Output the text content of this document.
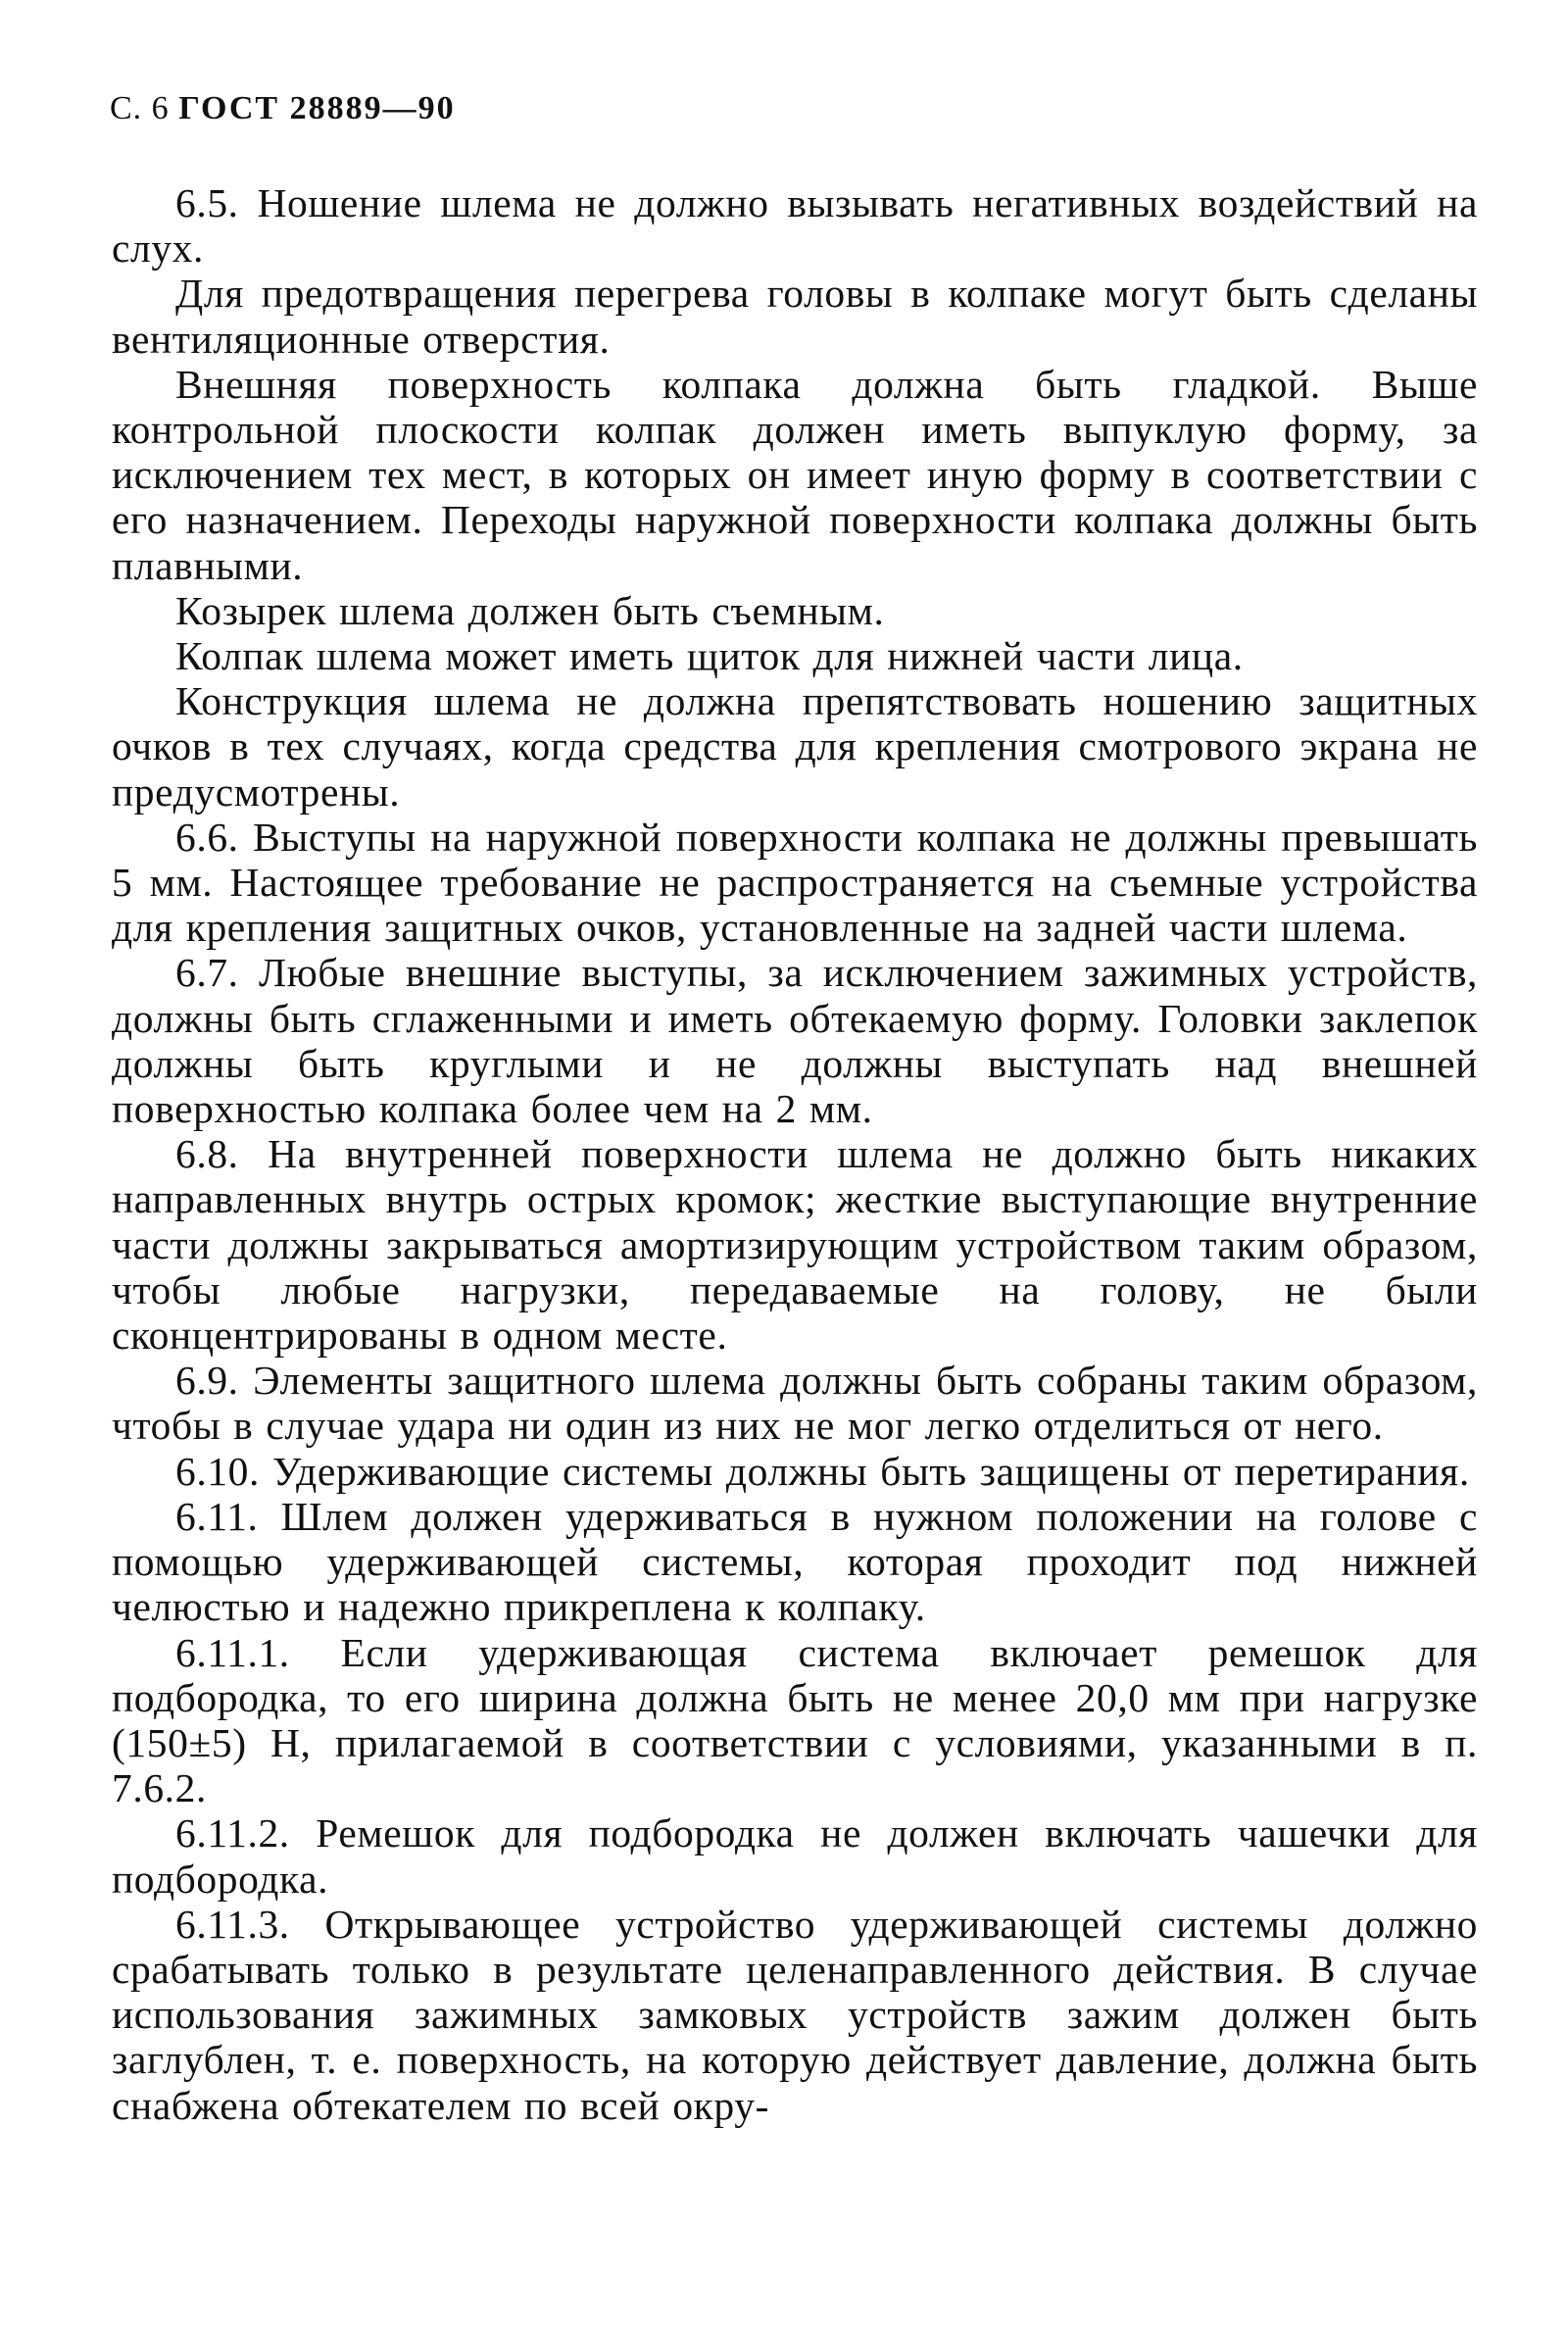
С. 6 ГОСТ 28889—90

6.5. Ношение шлема не должно вызывать негативных воздействий на слух.

Для предотвращения перегрева головы в колпаке могут быть сделаны вентиляционные отверстия.

Внешняя поверхность колпака должна быть гладкой. Выше контрольной плоскости колпак должен иметь выпуклую форму, за исключением тех мест, в которых он имеет иную форму в соответствии с его назначением. Переходы наружной поверхности колпака должны быть плавными.

Козырек шлема должен быть съемным.

Колпак шлема может иметь щиток для нижней части лица.

Конструкция шлема не должна препятствовать ношению защитных очков в тех случаях, когда средства для крепления смотрового экрана не предусмотрены.

6.6. Выступы на наружной поверхности колпака не должны превышать 5 мм. Настоящее требование не распространяется на съемные устройства для крепления защитных очков, установленные на задней части шлема.

6.7. Любые внешние выступы, за исключением зажимных устройств, должны быть сглаженными и иметь обтекаемую форму. Головки заклепок должны быть круглыми и не должны выступать над внешней поверхностью колпака более чем на 2 мм.

6.8. На внутренней поверхности шлема не должно быть никаких направленных внутрь острых кромок; жесткие выступающие внутренние части должны закрываться амортизирующим устройством таким образом, чтобы любые нагрузки, передаваемые на голову, не были сконцентрированы в одном месте.

6.9. Элементы защитного шлема должны быть собраны таким образом, чтобы в случае удара ни один из них не мог легко отделиться от него.

6.10. Удерживающие системы должны быть защищены от перетирания.

6.11. Шлем должен удерживаться в нужном положении на голове с помощью удерживающей системы, которая проходит под нижней челюстью и надежно прикреплена к колпаку.

6.11.1. Если удерживающая система включает ремешок для подбородка, то его ширина должна быть не менее 20,0 мм при нагрузке (150±5) Н, прилагаемой в соответствии с условиями, указанными в п. 7.6.2.

6.11.2. Ремешок для подбородка не должен включать чашечки для подбородка.

6.11.3. Открывающее устройство удерживающей системы должно срабатывать только в результате целенаправленного действия. В случае использования зажимных замковых устройств зажим должен быть заглублен, т. е. поверхность, на которую действует давление, должна быть снабжена обтекателем по всей окру-
